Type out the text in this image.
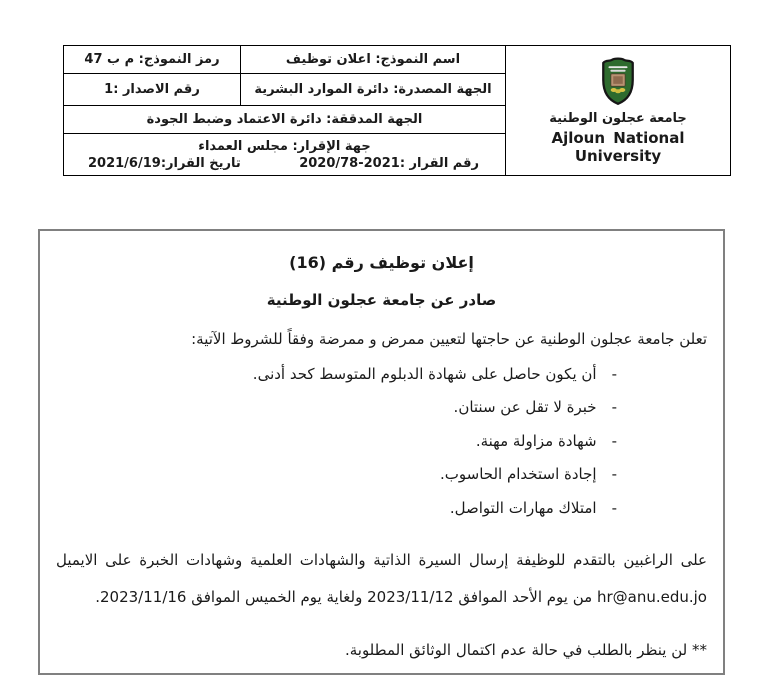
جامعة عجلون الوطنية
Ajloun National University	اسم النموذج: اعلان توظيف	رمز النموذج: م ب 47
	الجهة المصدرة: دائرة الموارد البشرية	رقم الاصدار :1
	الجهة المدققة: دائرة الاعتماد وضبط الجودة	

	جهة الإقرار: مجلس العمداء
رقم القرار :2021-2020/78
تاريخ القرار:2021/6/19	
إعلان توظيف رقم (16)
صادر عن جامعة عجلون الوطنية
تعلن جامعة عجلون الوطنية عن حاجتها لتعيين ممرض و ممرضة وفقاً للشروط الآتية:
-
أن يكون حاصل على شهادة الدبلوم المتوسط كحد أدنى.
-
خبرة لا تقل عن سنتان.
-
شهادة مزاولة مهنة.
-
إجادة استخدام الحاسوب.
-
امتلاك مهارات التواصل.
على الراغبين بالتقدم للوظيفة إرسال السيرة الذاتية والشهادات العلمية وشهادات الخبرة على الايميل
hr@anu.edu.jo من يوم الأحد الموافق 2023/11/12 ولغاية يوم الخميس الموافق 2023/11/16.
** لن ينظر بالطلب في حالة عدم اكتمال الوثائق المطلوبة.
